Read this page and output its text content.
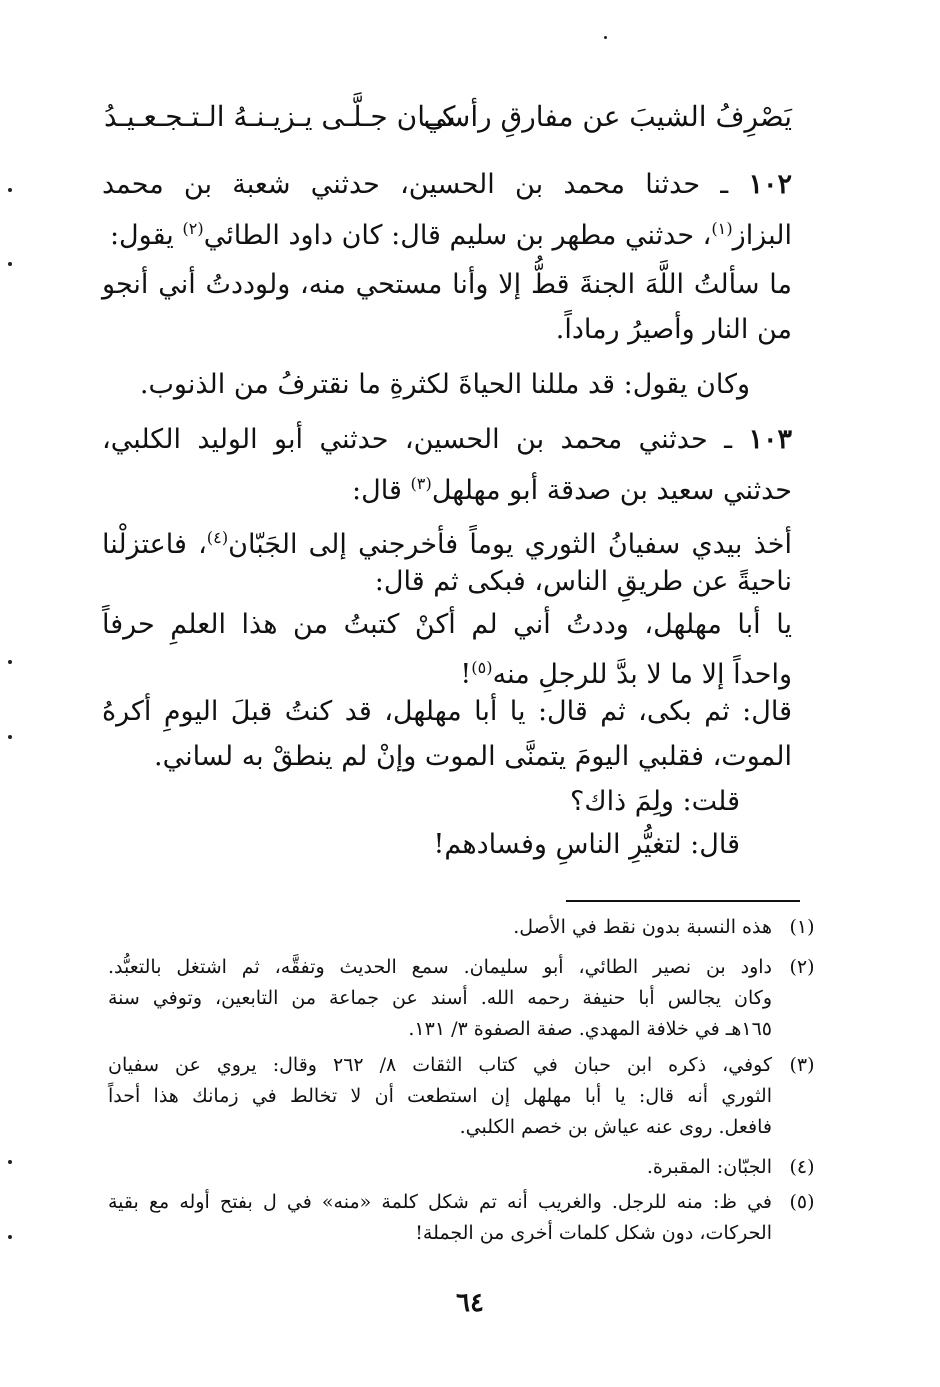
يَصْرِفُ الشيبَ عن مفارقِ رأسي
كــان جـلَّـى يـزيـنـهُ الـتـجـعـيـدُ
١٠٢ ـ حدثنا محمد بن الحسين، حدثني شعبة بن محمد
البزاز$^{(١)}$، حدثني مطهر بن سليم قال: كان داود الطائي$^{(٢)}$ يقول:
ما سألتُ اللَّهَ الجنةَ قطُّ إلا وأنا مستحي منه، ولوددتُ أني أنجو
من النار وأصيرُ رماداً.
وكان يقول: قد مللنا الحياةَ لكثرةِ ما نقترفُ من الذنوب.
١٠٣ ـ حدثني محمد بن الحسين، حدثني أبو الوليد الكلبي،
حدثني سعيد بن صدقة أبو مهلهل$^{(٣)}$ قال:
أخذ بيدي سفيانُ الثوري يوماً فأخرجني إلى الجَبّان$^{(٤)}$، فاعتزلْنا
ناحيةً عن طريقِ الناس، فبكى ثم قال:
يا أبا مهلهل، وددتُ أني لم أكنْ كتبتُ من هذا العلمِ حرفاً
واحداً إلا ما لا بدَّ للرجلِ منه$^{(٥)}$!
قال: ثم بكى، ثم قال: يا أبا مهلهل، قد كنتُ قبلَ اليومِ أكرهُ
الموت، فقلبي اليومَ يتمنَّى الموت وإنْ لم ينطقْ به لساني.
قلت: ولِمَ ذاك؟
قال: لتغيُّرِ الناسِ وفسادهم!
(١)
هذه النسبة بدون نقط في الأصل.
(٢)
داود بن نصير الطائي، أبو سليمان. سمع الحديث وتفقَّه، ثم اشتغل بالتعبُّد.
وكان يجالس أبا حنيفة رحمه الله. أسند عن جماعة من التابعين، وتوفي سنة
١٦٥هـ في خلافة المهدي. صفة الصفوة ٣/ ١٣١.
(٣)
كوفي، ذكره ابن حبان في كتاب الثقات ٨/ ٢٦٢ وقال: يروي عن سفيان
الثوري أنه قال: يا أبا مهلهل إن استطعت أن لا تخالط في زمانك هذا أحداً
فافعل. روى عنه عياش بن خصم الكلبي.
(٤)
الجبّان: المقبرة.
(٥)
في ظ: منه للرجل. والغريب أنه تم شكل كلمة «منه» في ل بفتح أوله مع بقية
الحركات، دون شكل كلمات أخرى من الجملة!
٦٤
